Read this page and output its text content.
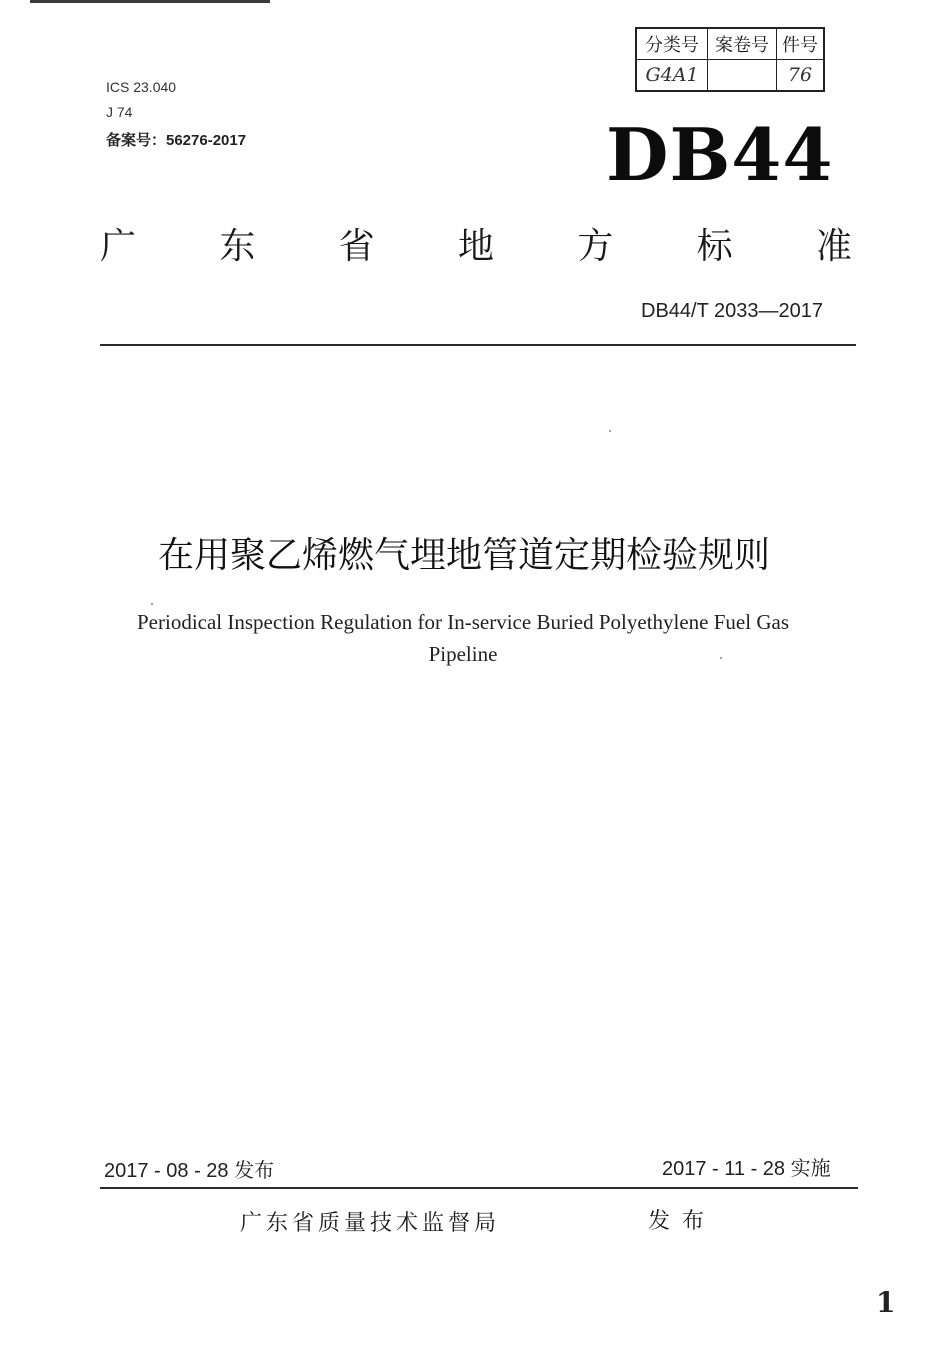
ICS 23.040
J 74
备案号：56276-2017
分类号	案卷号	件号
G4A1		76
DB44
广 东 省 地 方 标 准
DB44/T 2033—2017
在用聚乙烯燃气埋地管道定期检验规则
Periodical Inspection Regulation for In-service Buried Polyethylene Fuel Gas
Pipeline
2017 - 08 - 28 发布	2017 - 11 - 28 实施
广东省质量技术监督局	发布
1
